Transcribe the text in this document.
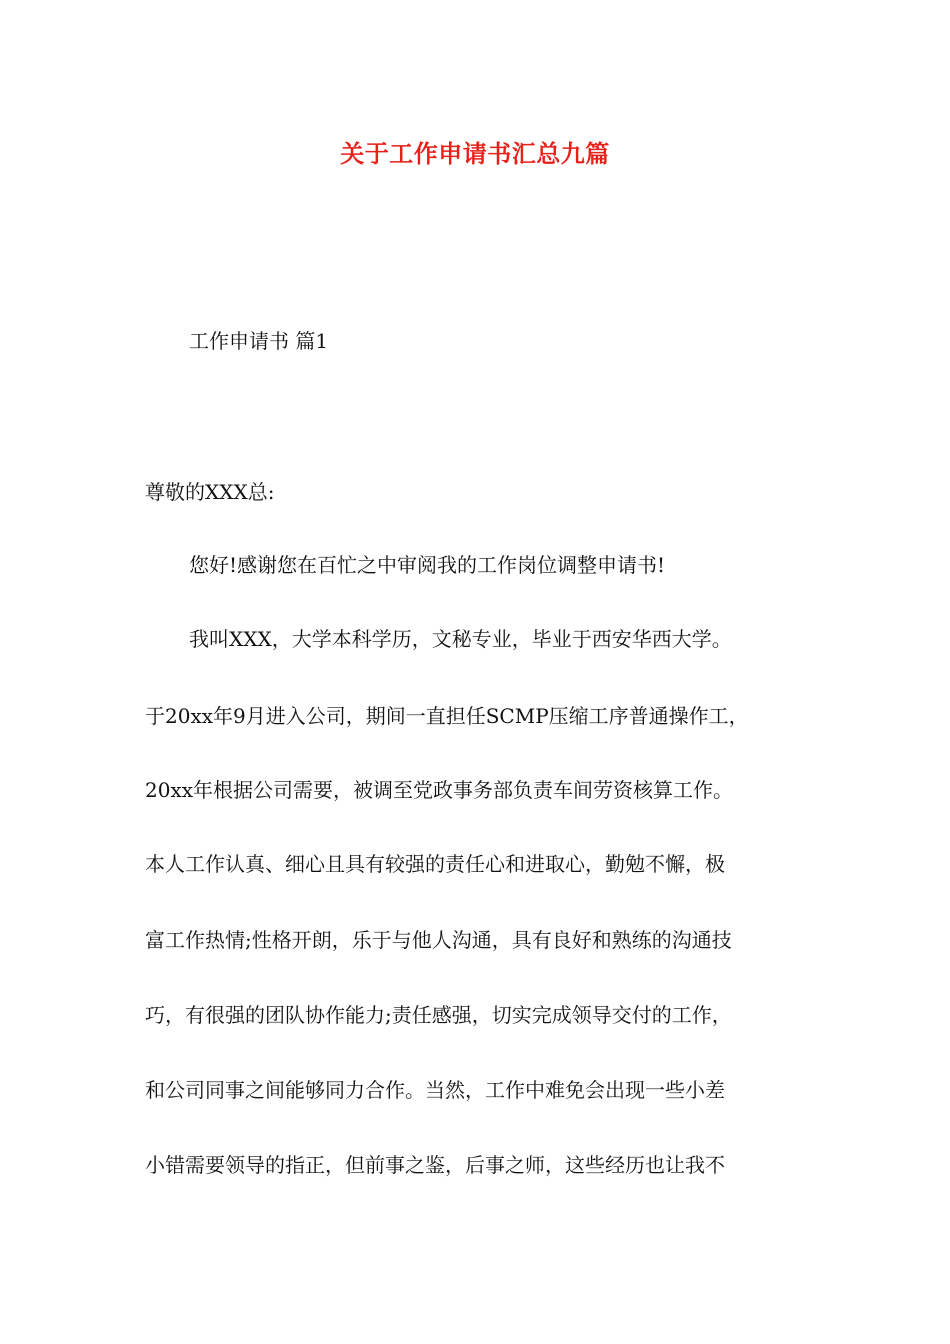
关于工作申请书汇总九篇
工作申请书 篇1
尊敬的XXX总:
您好!感谢您在百忙之中审阅我的工作岗位调整申请书!
我叫XXX，大学本科学历，文秘专业，毕业于西安华西大学。
于20xx年9月进入公司，期间一直担任SCMP压缩工序普通操作工，
20xx年根据公司需要，被调至党政事务部负责车间劳资核算工作。
本人工作认真、细心且具有较强的责任心和进取心，勤勉不懈，极
富工作热情;性格开朗，乐于与他人沟通，具有良好和熟练的沟通技
巧，有很强的团队协作能力;责任感强，切实完成领导交付的工作，
和公司同事之间能够同力合作。当然，工作中难免会出现一些小差
小错需要领导的指正，但前事之鉴，后事之师，这些经历也让我不
